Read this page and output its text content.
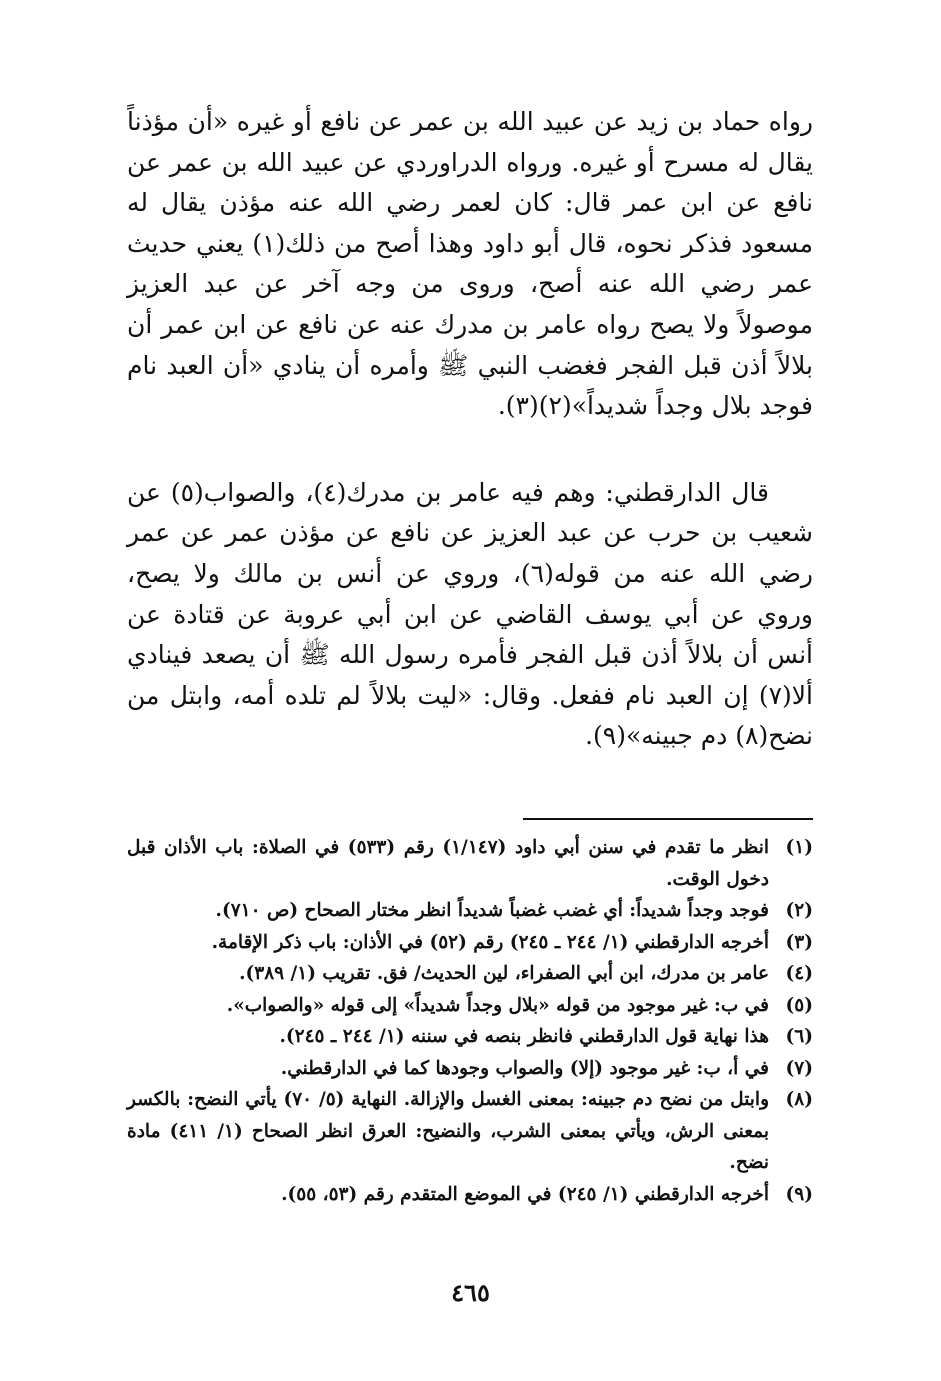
رواه حماد بن زيد عن عبيد الله بن عمر عن نافع أو غيره «أن مؤذناً يقال له مسرح أو غيره. ورواه الدراوردي عن عبيد الله بن عمر عن نافع عن ابن عمر قال: كان لعمر رضي الله عنه مؤذن يقال له مسعود فذكر نحوه، قال أبو داود وهذا أصح من ذلك(١) يعني حديث عمر رضي الله عنه أصح، وروى من وجه آخر عن عبد العزيز موصولاً ولا يصح رواه عامر بن مدرك عنه عن نافع عن ابن عمر أن بلالاً أذن قبل الفجر فغضب النبي ﷺ وأمره أن ينادي «أن العبد نام فوجد بلال وجداً شديداً»(٢)(٣).

قال الدارقطني: وهم فيه عامر بن مدرك(٤)، والصواب(٥) عن شعيب بن حرب عن عبد العزيز عن نافع عن مؤذن عمر عن عمر رضي الله عنه من قوله(٦)، وروي عن أنس بن مالك ولا يصح، وروي عن أبي يوسف القاضي عن ابن أبي عروبة عن قتادة عن أنس أن بلالاً أذن قبل الفجر فأمره رسول الله ﷺ أن يصعد فينادي ألا(٧) إن العبد نام ففعل. وقال: «ليت بلالاً لم تلده أمه، وابتل من نضح(٨) دم جبينه»(٩).

(١)
انظر ما تقدم في سنن أبي داود (١/١٤٧) رقم (٥٣٣) في الصلاة: باب الأذان قبل دخول الوقت.
(٢)
فوجد وجداً شديداً: أي غضب غضباً شديداً انظر مختار الصحاح (ص ٧١٠).
(٣)
أخرجه الدارقطني (١/ ٢٤٤ ـ ٢٤٥) رقم (٥٢) في الأذان: باب ذكر الإقامة.
(٤)
عامر بن مدرك، ابن أبي الصفراء، لين الحديث/ فق. تقريب (١/ ٣٨٩).
(٥)
في ب: غير موجود من قوله «بلال وجداً شديداً» إلى قوله «والصواب».
(٦)
هذا نهاية قول الدارقطني فانظر بنصه في سننه (١/ ٢٤٤ ـ ٢٤٥).
(٧)
في أ، ب: غير موجود (إلا) والصواب وجودها كما في الدارقطني.
(٨)
وابتل من نضح دم جبينه: بمعنى الغسل والإزالة. النهاية (٥/ ٧٠) يأتي النضح: بالكسر بمعنى الرش، ويأتي بمعنى الشرب، والنضيح: العرق انظر الصحاح (١/ ٤١١) مادة نضح.
(٩)
أخرجه الدارقطني (١/ ٢٤٥) في الموضع المتقدم رقم (٥٣، ٥٥).
٤٦٥
